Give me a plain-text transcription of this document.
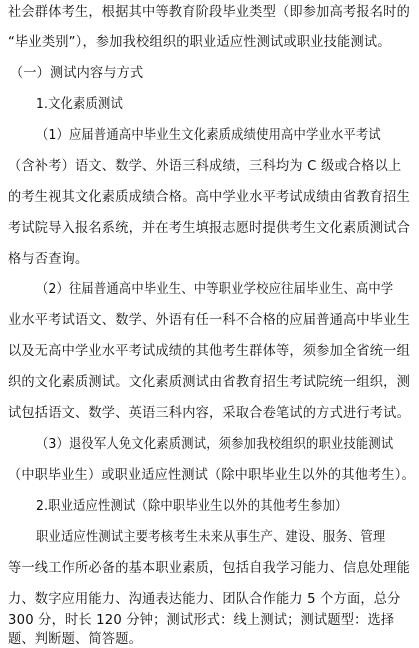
社会群体考生，根据其中等教育阶段毕业类型（即参加高考报名时的
“毕业类别”），参加我校组织的职业适应性测试或职业技能测试。
（一）测试内容与方式
1.文化素质测试
（1）应届普通高中毕业生文化素质成绩使用高中学业水平考试
（含补考）语文、数学、外语三科成绩，三科均为 C 级或合格以上
的考生视其文化素质成绩合格。高中学业水平考试成绩由省教育招生
考试院导入报名系统，并在考生填报志愿时提供考生文化素质测试合
格与否查询。
（2）往届普通高中毕业生、中等职业学校应往届毕业生、高中学
业水平考试语文、数学、外语有任一科不合格的应届普通高中毕业生
以及无高中学业水平考试成绩的其他考生群体等，须参加全省统一组
织的文化素质测试。文化素质测试由省教育招生考试院统一组织，测
试包括语文、数学、英语三科内容，采取合卷笔试的方式进行考试。
（3）退役军人免文化素质测试，须参加我校组织的职业技能测试
（中职毕业生）或职业适应性测试（除中职毕业生以外的其他考生）。
2.职业适应性测试（除中职毕业生以外的其他考生参加）
职业适应性测试主要考核考生未来从事生产、建设、服务、管理
等一线工作所必备的基本职业素质，包括自我学习能力、信息处理能
力、数字应用能力、沟通表达能力、团队合作能力 5 个方面，总分
300 分，时长 120 分钟；测试形式：线上测试；测试题型：选择
题、判断题、简答题。
